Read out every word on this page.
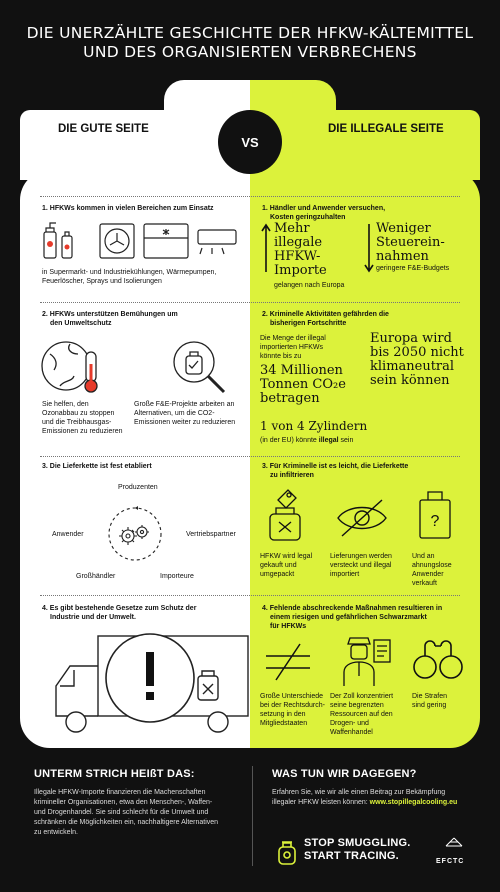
DIE UNERZÄHLTE GESCHICHTE DER HFKW-KÄLTEMITTEL
UND DES ORGANISIERTEN VERBRECHENS
VS
DIE GUTE SEITE	DIE ILLEGALE SEITE
1. HFKWs kommen in vielen Bereichen zum Einsatz
in Supermarkt- und Industriekühlungen, Wärmepumpen, Feuerlöscher, Sprays und Isolierungen
2. HFKWs unterstützen Bemühungen um
den Umweltschutz
Sie helfen, den
Ozonabbau zu stoppen
und die Treibhausgas-
Emissionen zu reduzieren
Große F&E-Projekte arbeiten an
Alternativen, um die CO2-
Emissionen weiter zu reduzieren
3. Die Lieferkette ist fest etabliert
Produzenten
Anwender	Vertriebspartner
Großhändler	Importeure
4. Es gibt bestehende Gesetze zum Schutz der
Industrie und der Umwelt.
1. Händler und Anwender versuchen,
Kosten geringzuhalten
Mehr
illegale
HFKW-
Importe
gelangen nach Europa
Weniger
Steuerein-
nahmen
geringere F&E-Budgets
2. Kriminelle Aktivitäten gefährden die
bisherigen Fortschritte
Die Menge der illegal
importierten HFKWs
könnte bis zu
34 Millionen
Tonnen CO₂e
betragen
Europa wird
bis 2050 nicht
klimaneutral
sein können
1 von 4 Zylindern
(in der EU) könnte illegal sein
3. Für Kriminelle ist es leicht, die Lieferkette
zu infiltrieren
HFKW wird legal
gekauft und
umgepackt
Lieferungen werden
versteckt und illegal
importiert
?
Und an
ahnungslose
Anwender
verkauft
4. Fehlende abschreckende Maßnahmen resultieren in
einem riesigen und gefährlichen Schwarzmarkt
für HFKWs
Große Unterschiede
bei der Rechtsdurch-
setzung in den
Mitgliedstaaten
Der Zoll konzentriert
seine begrenzten
Ressourcen auf den
Drogen- und
Waffenhandel
Die Strafen
sind gering
UNTERM STRICH HEIßT DAS:
Illegale HFKW-Importe finanzieren die Machenschaften
krimineller Organisationen, etwa den Menschen-, Waffen-
und Drogenhandel. Sie sind schlecht für die Umwelt und
schränken die Möglichkeiten ein, nachhaltigere Alternativen
zu entwickeln.
WAS TUN WIR DAGEGEN?
Erfahren Sie, wie wir alle einen Beitrag zur Bekämpfung
illegaler HFKW leisten können: www.stopillegalcooling.eu
STOP SMUGGLING.
START TRACING.	EFCTC
